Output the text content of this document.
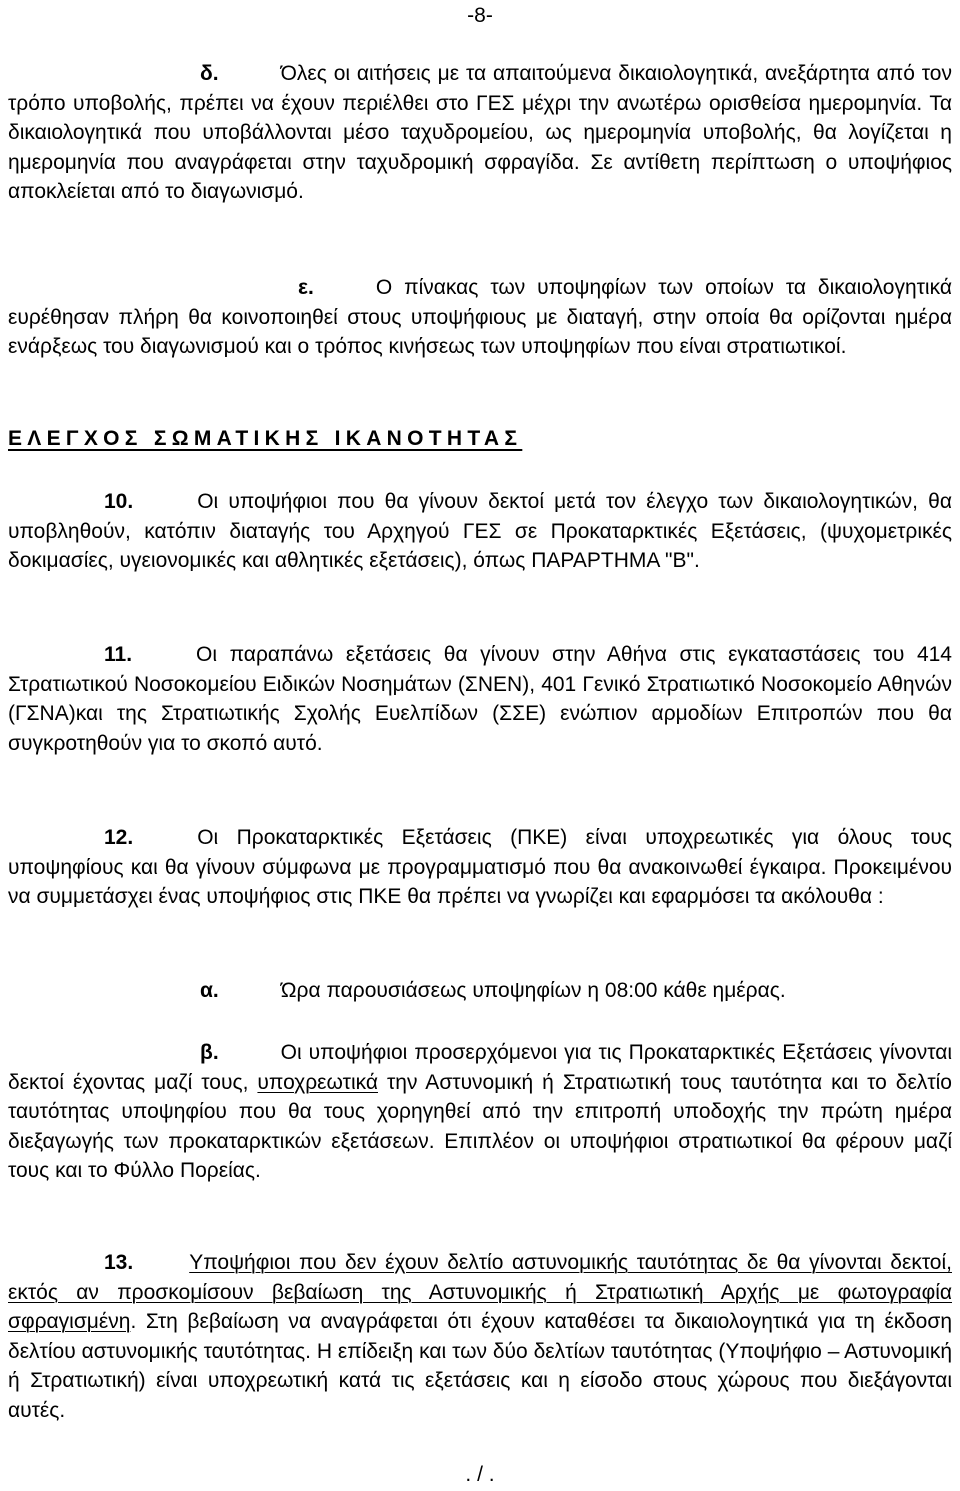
-8-
δ.	Όλες οι αιτήσεις με τα απαιτούμενα δικαιολογητικά, ανεξάρτητα από τον τρόπο υποβολής, πρέπει να έχουν περιέλθει στο ΓΕΣ μέχρι την ανωτέρω ορισθείσα ημερομηνία. Τα δικαιολογητικά που υποβάλλονται μέσο ταχυδρομείου, ως ημερομηνία υποβολής, θα λογίζεται η ημερομηνία που αναγράφεται στην ταχυδρομική σφραγίδα. Σε αντίθετη περίπτωση ο υποψήφιος αποκλείεται από το διαγωνισμό.
ε.	Ο πίνακας των υποψηφίων των οποίων τα δικαιολογητικά ευρέθησαν πλήρη θα κοινοποιηθεί στους υποψήφιους με διαταγή, στην οποία θα ορίζονται ημέρα ενάρξεως του διαγωνισμού και ο τρόπος κινήσεως των υποψηφίων που είναι στρατιωτικοί.
ΕΛΕΓΧΟΣ ΣΩΜΑΤΙΚΗΣ ΙΚΑΝΟΤΗΤΑΣ
10.	Οι υποψήφιοι που θα γίνουν δεκτοί μετά τον έλεγχο των δικαιολογητικών, θα υποβληθούν, κατόπιν διαταγής του Αρχηγού ΓΕΣ σε Προκαταρκτικές Εξετάσεις, (ψυχομετρικές δοκιμασίες, υγειονομικές και αθλητικές εξετάσεις), όπως ΠΑΡΑΡΤΗΜΑ "Β".
11.	Οι παραπάνω εξετάσεις θα γίνουν στην Αθήνα στις εγκαταστάσεις του 414 Στρατιωτικού Νοσοκομείου Ειδικών Νοσημάτων (ΣΝΕΝ), 401 Γενικό Στρατιωτικό Νοσοκομείο Αθηνών (ΓΣΝΑ)και της Στρατιωτικής Σχολής Ευελπίδων (ΣΣΕ) ενώπιον αρμοδίων Επιτροπών που θα συγκροτηθούν για το σκοπό αυτό.
12.	Οι Προκαταρκτικές Εξετάσεις (ΠΚΕ) είναι υποχρεωτικές για όλους τους υποψηφίους και θα γίνουν σύμφωνα με προγραμματισμό που θα ανακοινωθεί έγκαιρα. Προκειμένου να συμμετάσχει ένας υποψήφιος στις ΠΚΕ θα πρέπει να γνωρίζει και εφαρμόσει τα ακόλουθα :
α.	Ώρα παρουσιάσεως υποψηφίων η 08:00 κάθε ημέρας.
β.	Οι υποψήφιοι προσερχόμενοι για τις Προκαταρκτικές Εξετάσεις γίνονται δεκτοί έχοντας μαζί τους, υποχρεωτικά την Αστυνομική ή Στρατιωτική τους ταυτότητα και το δελτίο ταυτότητας υποψηφίου που θα τους χορηγηθεί από την επιτροπή υποδοχής την πρώτη ημέρα διεξαγωγής των προκαταρκτικών εξετάσεων. Επιπλέον οι υποψήφιοι στρατιωτικοί θα φέρουν μαζί τους και το Φύλλο Πορείας.
13.	Υποψήφιοι που δεν έχουν δελτίο αστυνομικής ταυτότητας δε θα γίνονται δεκτοί, εκτός αν προσκομίσουν βεβαίωση της Αστυνομικής ή Στρατιωτική Αρχής με φωτογραφία σφραγισμένη. Στη βεβαίωση να αναγράφεται ότι έχουν καταθέσει τα δικαιολογητικά για τη έκδοση δελτίου αστυνομικής ταυτότητας. Η επίδειξη και των δύο δελτίων ταυτότητας (Υποψήφιο – Αστυνομική ή Στρατιωτική) είναι υποχρεωτική κατά τις εξετάσεις και η είσοδο στους χώρους που διεξάγονται αυτές.
. / .
